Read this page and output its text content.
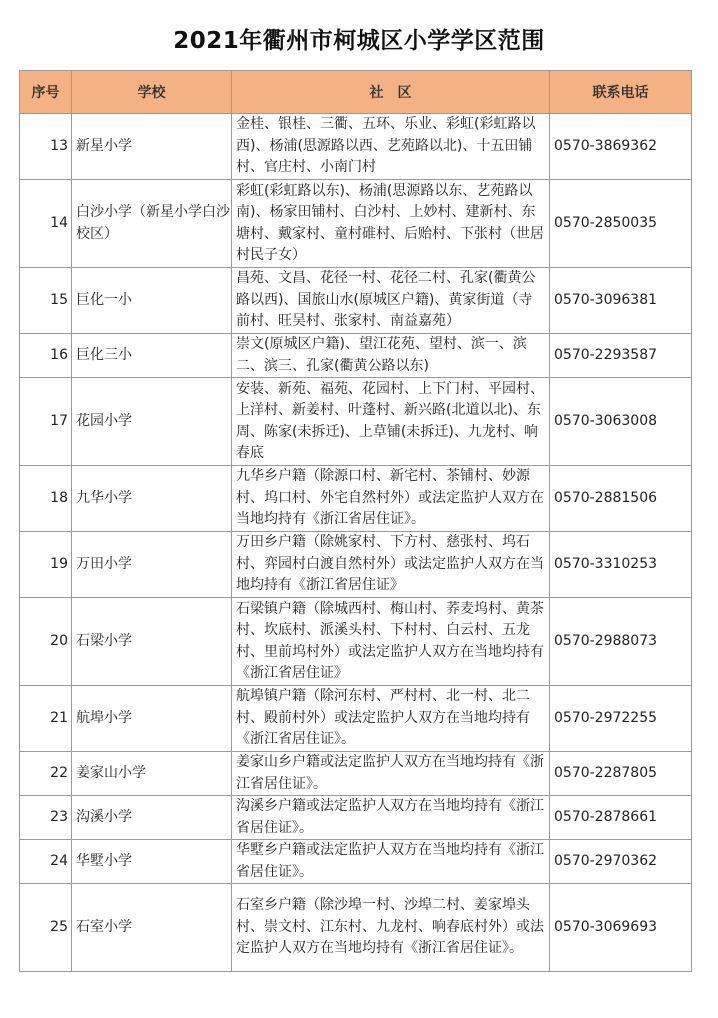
2021年衢州市柯城区小学学区范围
序号	学校	社　区	联系电话
13	新星小学	金桂、银桂、三衢、五环、乐业、彩虹(彩虹路以西)、杨浦(思源路以西、艺苑路以北)、十五田铺村、官庄村、小南门村	0570-3869362
14	白沙小学（新星小学白沙校区）	彩虹(彩虹路以东)、杨浦(思源路以东、艺苑路以南)、杨家田铺村、白沙村、上妙村、建新村、东塘村、戴家村、童村碓村、后贻村、下张村（世居村民子女）	0570-2850035
15	巨化一小	昌苑、文昌、花径一村、花径二村、孔家(衢黄公路以西)、国旅山水(原城区户籍)、黄家街道（寺前村、旺吴村、张家村、南益嘉苑）	0570-3096381
16	巨化三小	崇文(原城区户籍)、望江花苑、望村、滨一、滨二、滨三、孔家(衢黄公路以东)	0570-2293587
17	花园小学	安装、新苑、福苑、花园村、上下门村、平园村、上洋村、新姜村、叶蓬村、新兴路(北道以北)、东周、陈家(未拆迁)、上草铺(未拆迁)、九龙村、响春底	0570-3063008
18	九华小学	九华乡户籍（除源口村、新宅村、茶铺村、妙源村、坞口村、外宅自然村外）或法定监护人双方在当地均持有《浙江省居住证》。	0570-2881506
19	万田小学	万田乡户籍（除姚家村、下方村、慈张村、坞石村、弈园村白渡自然村外）或法定监护人双方在当地均持有《浙江省居住证》	0570-3310253
20	石梁小学	石梁镇户籍（除城西村、梅山村、荞麦坞村、黄茶村、坎底村、派溪头村、下村村、白云村、五龙村、里前坞村外）或法定监护人双方在当地均持有《浙江省居住证》	0570-2988073
21	航埠小学	航埠镇户籍（除河东村、严村村、北一村、北二村、殿前村外）或法定监护人双方在当地均持有《浙江省居住证》。	0570-2972255
22	姜家山小学	姜家山乡户籍或法定监护人双方在当地均持有《浙江省居住证》。	0570-2287805
23	沟溪小学	沟溪乡户籍或法定监护人双方在当地均持有《浙江省居住证》。	0570-2878661
24	华墅小学	华墅乡户籍或法定监护人双方在当地均持有《浙江省居住证》。	0570-2970362
25	石室小学	石室乡户籍（除沙埠一村、沙埠二村、姜家埠头村、崇文村、江东村、九龙村、响春底村外）或法定监护人双方在当地均持有《浙江省居住证》。	0570-3069693
